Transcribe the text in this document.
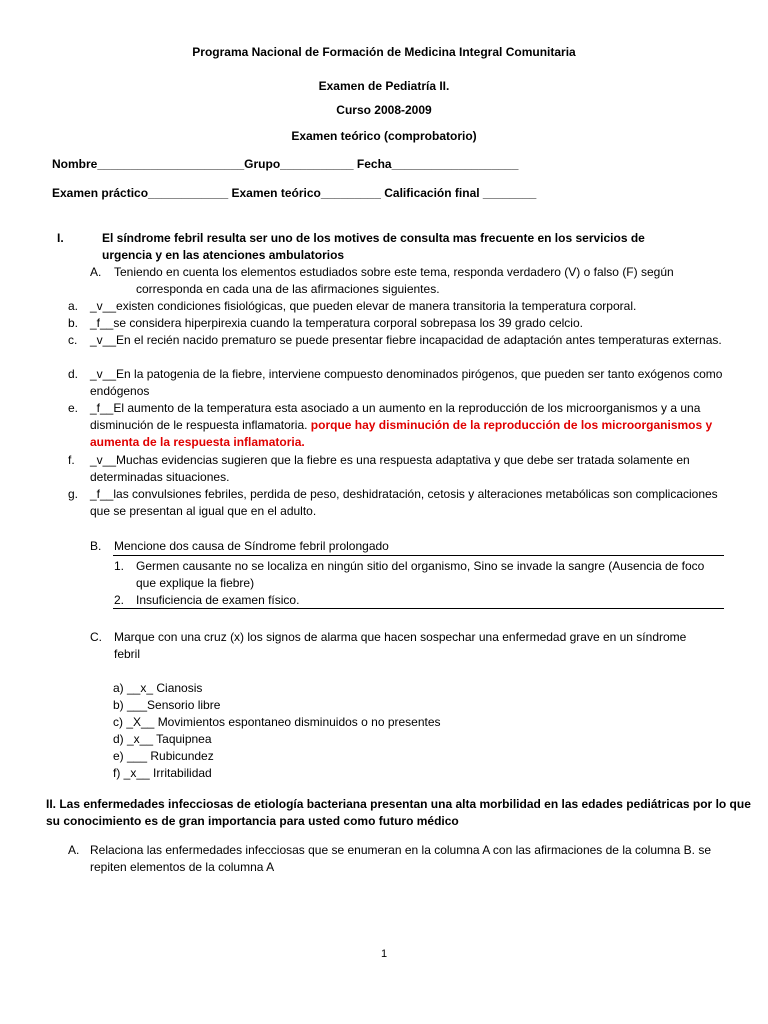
Programa Nacional de Formación de Medicina Integral Comunitaria
Examen de Pediatría II.
Curso 2008-2009
Examen teórico (comprobatorio)
Nombre______________________Grupo___________ Fecha___________________
Examen práctico____________ Examen teórico_________ Calificación final ________
I.	El síndrome febril resulta ser uno de los motives de consulta mas frecuente en los servicios de urgencia y en las atenciones ambulatorios
A. Teniendo en cuenta los elementos estudiados sobre este tema, responda verdadero (V) o falso (F) según
corresponda en cada una de las afirmaciones siguientes.
a. _v__existen condiciones fisiológicas, que pueden elevar de manera transitoria la temperatura corporal.
b. _f__se considera hiperpirexia cuando la temperatura corporal sobrepasa los 39 grado celcio.
c. _v__En el recién nacido prematuro se puede presentar fiebre incapacidad de adaptación antes temperaturas externas.
d. _v__En la patogenia de la fiebre, interviene compuesto denominados pirógenos, que pueden ser tanto exógenos como endógenos
e. _f__El aumento de la temperatura esta asociado a un aumento en la reproducción de los microorganismos y a una disminución de le respuesta inflamatoria. porque hay disminución de la reproducción de los microorganismos y aumenta de la respuesta inflamatoria.
f. _v__Muchas evidencias sugieren que la fiebre es una respuesta adaptativa y que debe ser tratada solamente en determinadas situaciones.
g. _f__las convulsiones febriles, perdida de peso, deshidratación, cetosis y alteraciones metabólicas son complicaciones que se presentan al igual que en el adulto.
B. Mencione dos causa de Síndrome febril prolongado
1. Germen causante no se localiza en ningún sitio del organismo, Sino se invade la sangre (Ausencia de foco que explique la fiebre)
2. Insuficiencia de examen físico.
C. Marque con una cruz (x) los signos de alarma que hacen sospechar una enfermedad grave en un síndrome febril
a) __x_ Cianosis
b) ___Sensorio libre
c) _X__ Movimientos espontaneo disminuidos o no presentes
d) _x__ Taquipnea
e) ___ Rubicundez
f) _x__ Irritabilidad
II. Las enfermedades infecciosas de etiología bacteriana presentan una alta morbilidad en las edades pediátricas por lo que su conocimiento es de gran importancia para usted como futuro médico
A. Relaciona las enfermedades infecciosas que se enumeran en la columna A con las afirmaciones de la columna B. se repiten elementos de la columna A
1
